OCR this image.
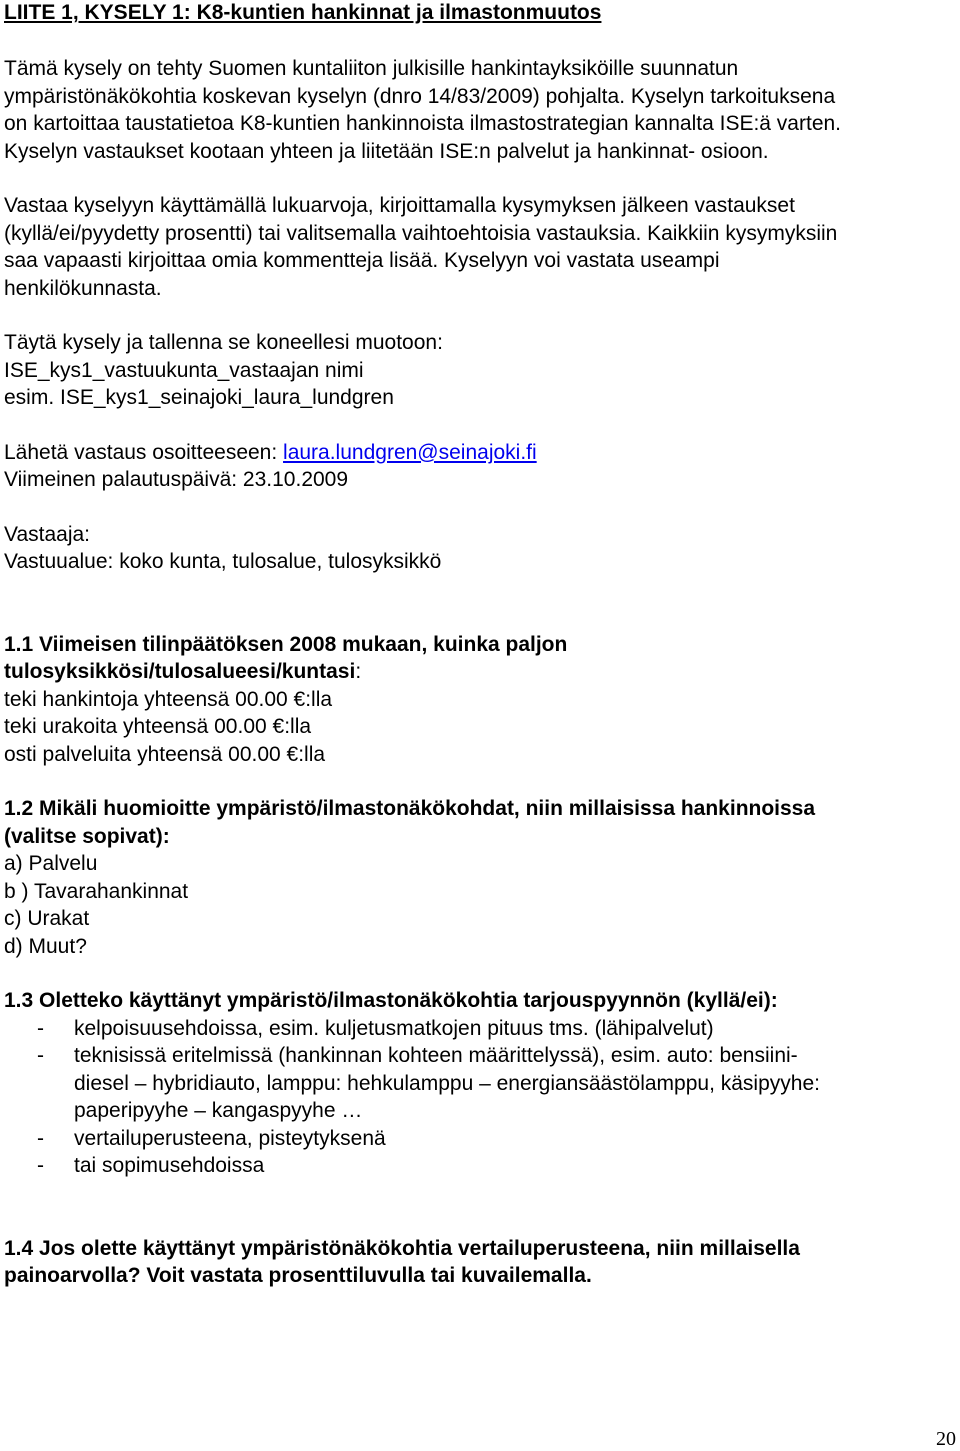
LIITE 1, KYSELY 1: K8-kuntien hankinnat ja ilmastonmuutos

Tämä kysely on tehty Suomen kuntaliiton julkisille hankintayksiköille suunnatun

ympäristönäkökohtia koskevan kyselyn (dnro 14/83/2009) pohjalta. Kyselyn tarkoituksena

on kartoittaa taustatietoa K8-kuntien hankinnoista ilmastostrategian kannalta ISE:ä varten.

Kyselyn vastaukset kootaan yhteen ja liitetään ISE:n palvelut ja hankinnat- osioon.

Vastaa kyselyyn käyttämällä lukuarvoja, kirjoittamalla kysymyksen jälkeen vastaukset

(kyllä/ei/pyydetty prosentti) tai valitsemalla vaihtoehtoisia vastauksia. Kaikkiin kysymyksiin

saa vapaasti kirjoittaa omia kommentteja lisää. Kyselyyn voi vastata useampi

henkilökunnasta.

Täytä kysely ja tallenna se koneellesi muotoon:

ISE_kys1_vastuukunta_vastaajan nimi

esim. ISE_kys1_seinajoki_laura_lundgren

Lähetä vastaus osoitteeseen: laura.lundgren@seinajoki.fi

Viimeinen palautuspäivä: 23.10.2009

Vastaaja:

Vastuualue: koko kunta, tulosalue, tulosyksikkö

1.1 Viimeisen tilinpäätöksen 2008 mukaan, kuinka paljon

tulosyksikkösi/tulosalueesi/kuntasi:

teki hankintoja yhteensä 00.00 €:lla

teki urakoita yhteensä 00.00 €:lla

osti palveluita yhteensä 00.00 €:lla

1.2 Mikäli huomioitte ympäristö/ilmastonäkökohdat, niin millaisissa hankinnoissa

(valitse sopivat):

a) Palvelu

b ) Tavarahankinnat

c) Urakat

d) Muut?

1.3 Oletteko käyttänyt ympäristö/ilmastonäkökohtia tarjouspyynnön (kyllä/ei):

- kelpoisuusehdoissa, esim. kuljetusmatkojen pituus tms. (lähipalvelut)
- teknisissä eritelmissä (hankinnan kohteen määrittelyssä), esim. auto: bensiini-
diesel – hybridiauto, lamppu: hehkulamppu – energiansäästölamppu, käsipyyhe:
paperipyyhe – kangaspyyhe …
- vertailuperusteena, pisteytyksenä
- tai sopimusehdoissa

1.4 Jos olette käyttänyt ympäristönäkökohtia vertailuperusteena, niin millaisella

painoarvolla? Voit vastata prosenttiluvulla tai kuvailemalla.

20
